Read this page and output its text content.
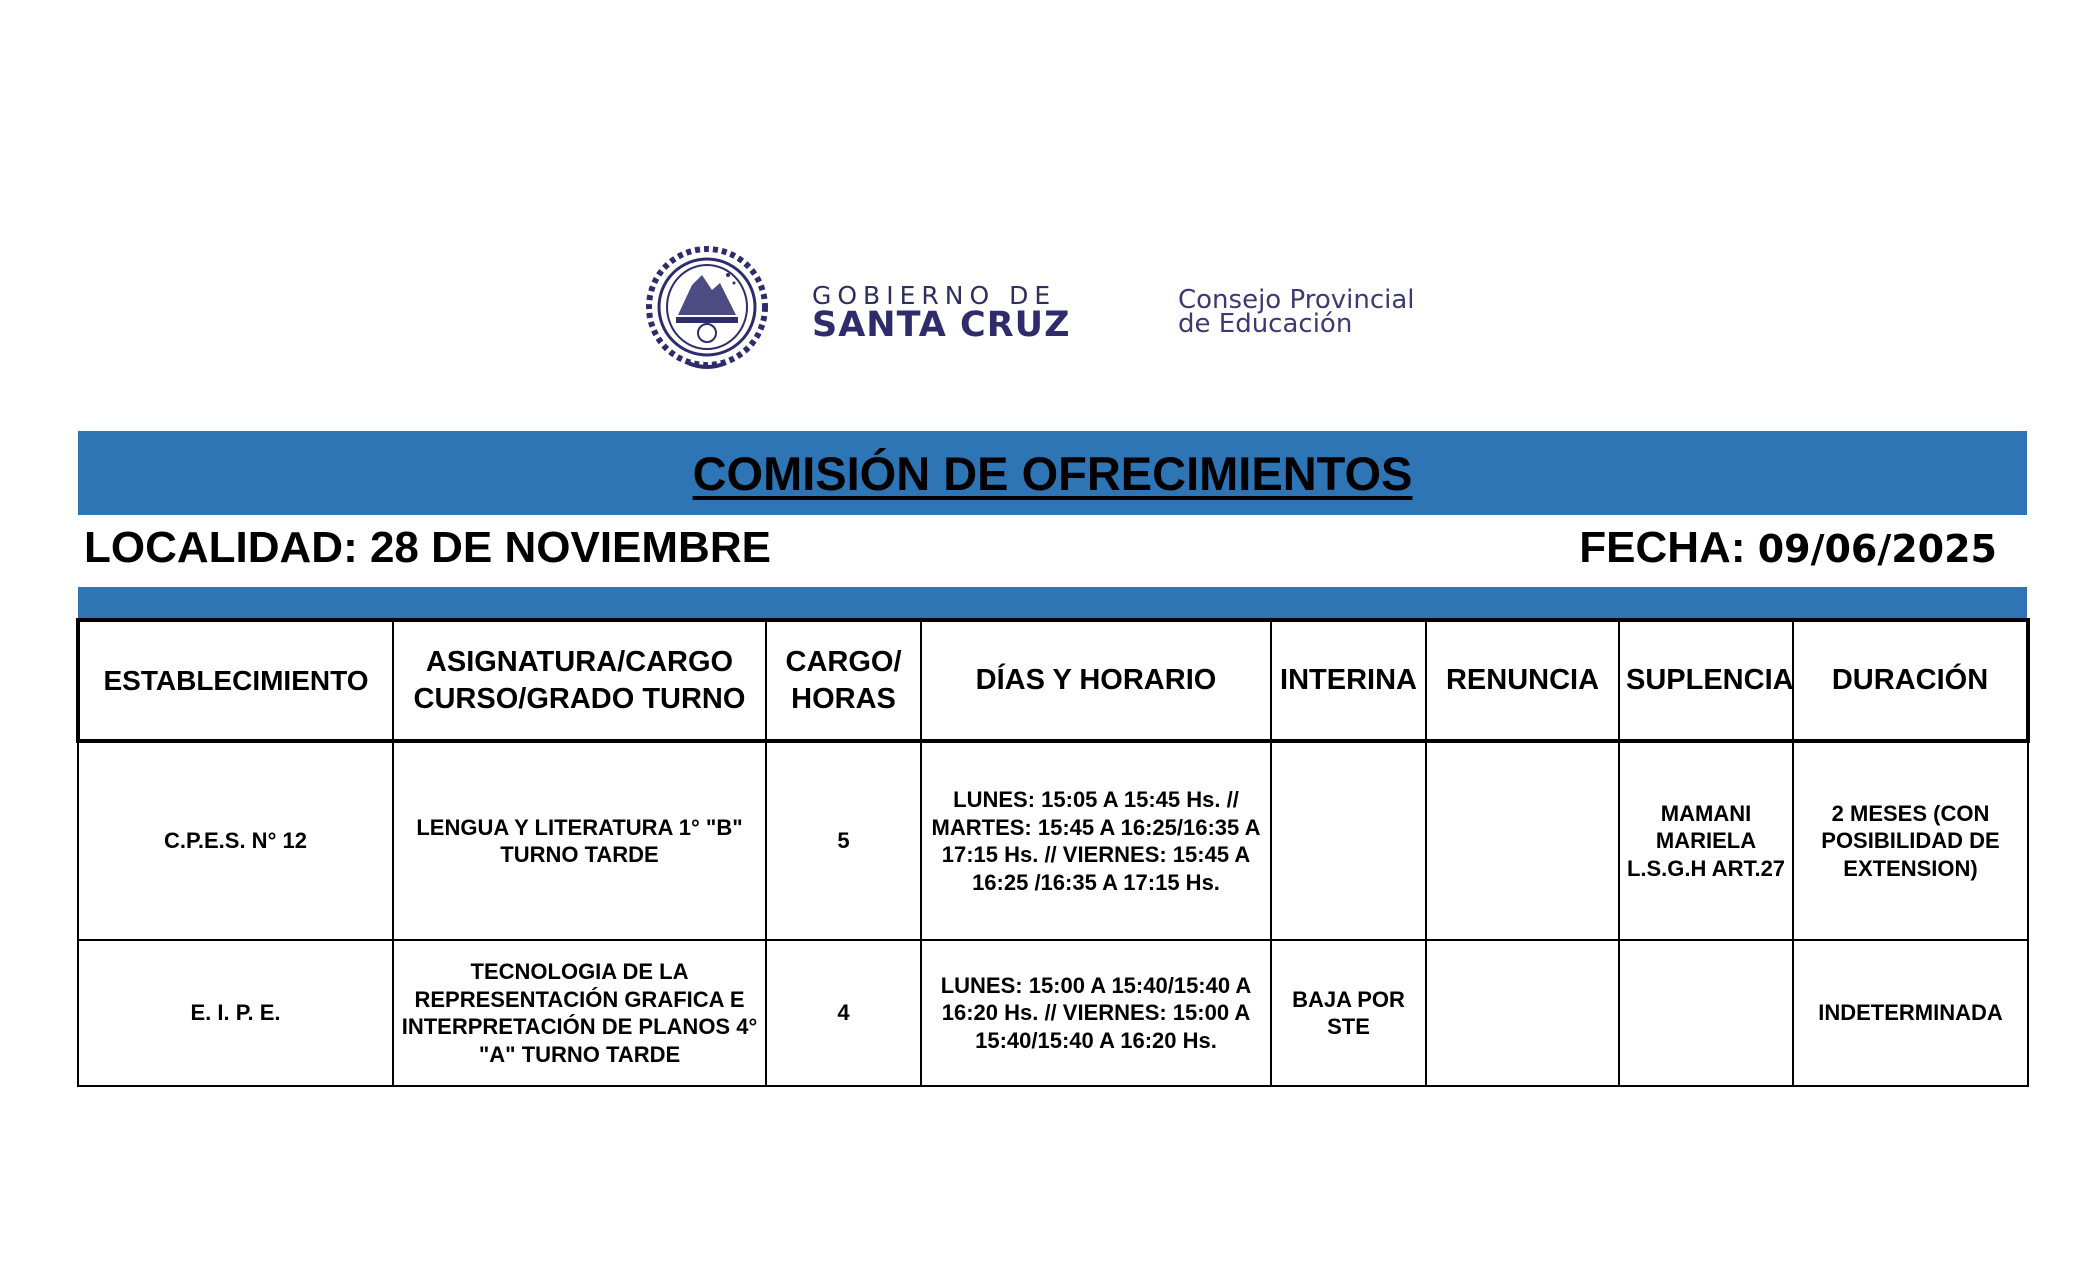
GOBIERNO DE
SANTA CRUZ
Consejo Provincial
de Educación
COMISIÓN DE OFRECIMIENTOS
LOCALIDAD: 28 DE NOVIEMBRE	FECHA: 09/06/2025
ESTABLECIMIENTO	ASIGNATURA/CARGO CURSO/GRADO TURNO	CARGO/ HORAS	DÍAS Y HORARIO	INTERINA	RENUNCIA	SUPLENCIA	DURACIÓN
C.P.E.S. N° 12	LENGUA Y LITERATURA 1° "B" TURNO TARDE	5	LUNES: 15:05 A 15:45 Hs. // MARTES: 15:45 A 16:25/16:35 A 17:15 Hs. // VIERNES: 15:45 A 16:25 /16:35 A 17:15 Hs.			MAMANI MARIELA L.S.G.H ART.27	2 MESES (CON POSIBILIDAD DE EXTENSION)
E. I. P. E.	TECNOLOGIA DE LA REPRESENTACIÓN GRAFICA E INTERPRETACIÓN DE PLANOS 4° "A" TURNO TARDE	4	LUNES: 15:00 A 15:40/15:40 A 16:20 Hs. // VIERNES: 15:00 A 15:40/15:40 A 16:20 Hs.	BAJA POR STE			INDETERMINADA
